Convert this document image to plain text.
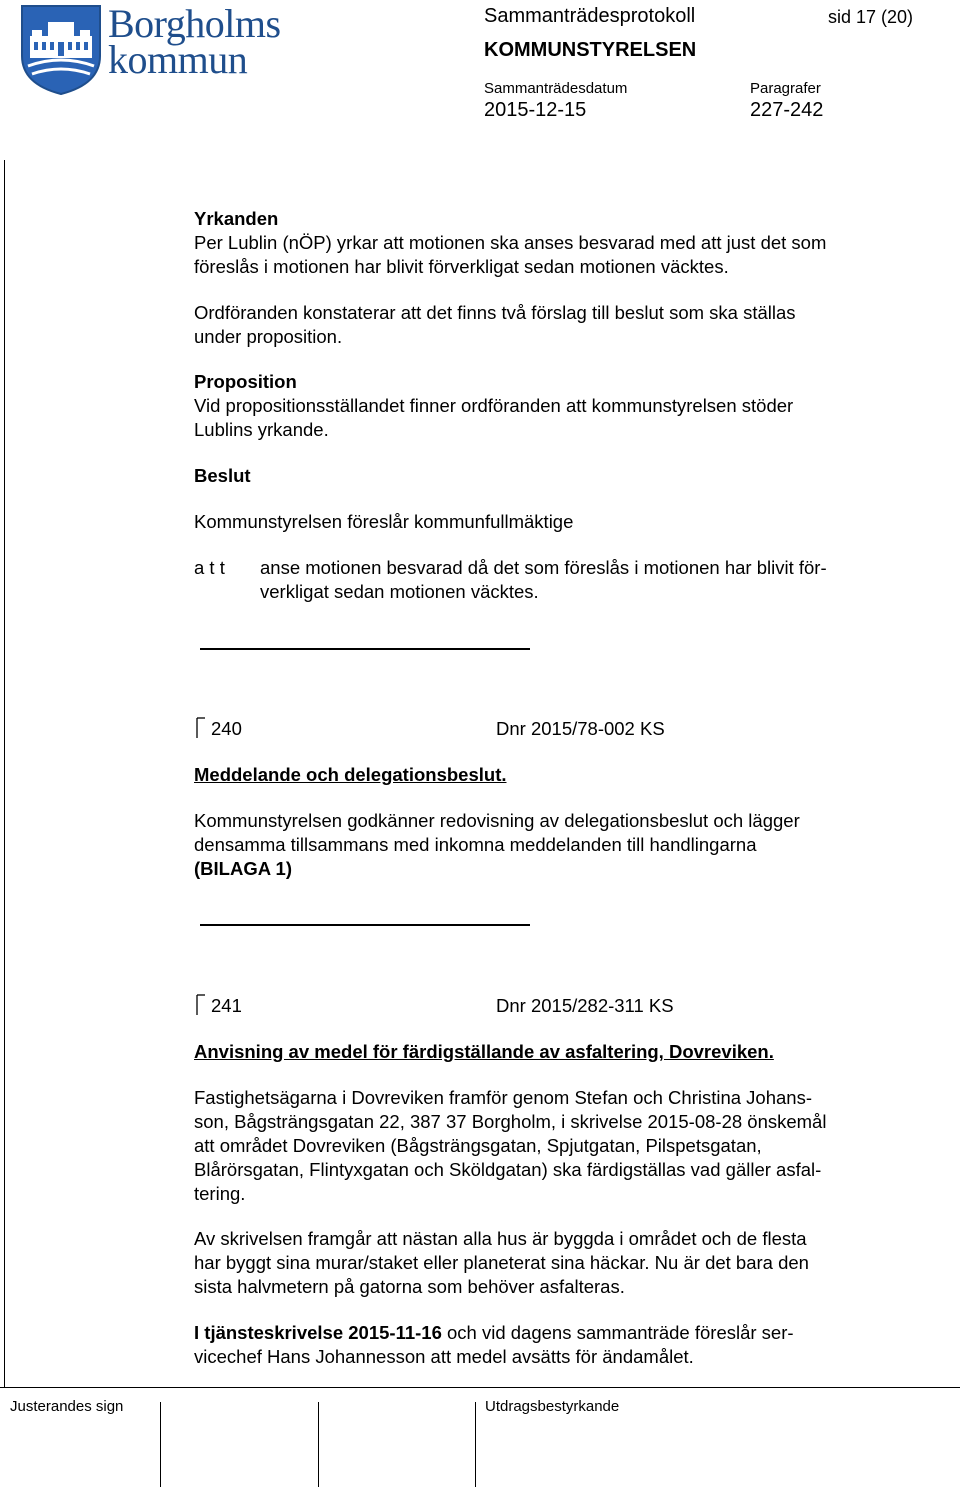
Borgholms
kommun
Sammanträdesprotokoll	sid 17 (20)
KOMMUNSTYRELSEN
Sammanträdesdatum
2015-12-15
Paragrafer
227-242
Yrkanden
Per Lublin (nÖP) yrkar att motionen ska anses besvarad med att just det som
föreslås i motionen har blivit förverkligat sedan motionen väcktes.
Ordföranden konstaterar att det finns två förslag till beslut som ska ställas
under proposition.
Proposition
Vid propositionsställandet finner ordföranden att kommunstyrelsen stöder
Lublins yrkande.
Beslut
Kommunstyrelsen föreslår kommunfullmäktige
a t t	anse motionen besvarad då det som föreslås i motionen har blivit för-
verkligat sedan motionen väcktes.
240	Dnr 2015/78-002 KS
Meddelande och delegationsbeslut.
Kommunstyrelsen godkänner redovisning av delegationsbeslut och lägger
densamma tillsammans med inkomna meddelanden till handlingarna
(BILAGA 1)
241	Dnr 2015/282-311 KS
Anvisning av medel för färdigställande av asfaltering, Dovreviken.
Fastighetsägarna i Dovreviken framför genom Stefan och Christina Johans-
son, Bågsträngsgatan 22, 387 37 Borgholm, i skrivelse 2015-08-28 önskemål
att området Dovreviken (Bågsträngsgatan, Spjutgatan, Pilspetsgatan,
Blårörsgatan, Flintyxgatan och Sköldgatan) ska färdigställas vad gäller asfal-
tering.
Av skrivelsen framgår att nästan alla hus är byggda i området och de flesta
har byggt sina murar/staket eller planeterat sina häckar. Nu är det bara den
sista halvmetern på gatorna som behöver asfalteras.
I tjänsteskrivelse 2015-11-16 och vid dagens sammanträde föreslår ser-
vicechef Hans Johannesson att medel avsätts för ändamålet.
Justerandes sign	Utdragsbestyrkande
